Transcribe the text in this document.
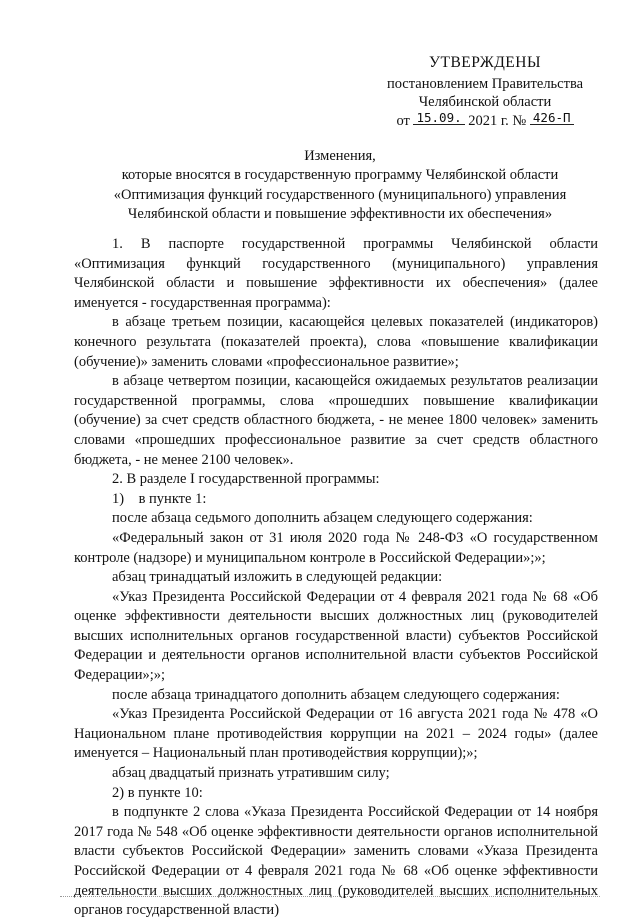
УТВЕРЖДЕНЫ
постановлением Правительства
Челябинской области
от 15.09. 2021 г. № 426-П
Изменения,
которые вносятся в государственную программу Челябинской области
«Оптимизация функций государственного (муниципального) управления
Челябинской области и повышение эффективности их обеспечения»

1. В паспорте государственной программы Челябинской области «Оптимизация функций государственного (муниципального) управления Челябинской области и повышение эффективности их обеспечения» (далее именуется - государственная программа):

в абзаце третьем позиции, касающейся целевых показателей (индикаторов) конечного результата (показателей проекта), слова «повышение квалификации (обучение)» заменить словами «профессиональное развитие»;

в абзаце четвертом позиции, касающейся ожидаемых результатов реализации государственной программы, слова «прошедших повышение квалификации (обучение) за счет средств областного бюджета, - не менее 1800 человек» заменить словами «прошедших профессиональное развитие за счет средств областного бюджета, - не менее 2100 человек».

2. В разделе I государственной программы:

1)    в пункте 1:

после абзаца седьмого дополнить абзацем следующего содержания:

«Федеральный закон от 31 июля 2020 года № 248-ФЗ «О государственном контроле (надзоре) и муниципальном контроле в Российской Федерации»;»;

абзац тринадцатый изложить в следующей редакции:

«Указ Президента Российской Федерации от 4 февраля 2021 года № 68 «Об оценке эффективности деятельности высших должностных лиц (руководителей высших исполнительных органов государственной власти) субъектов Российской Федерации и деятельности органов исполнительной власти субъектов Российской Федерации»;»;

после абзаца тринадцатого дополнить абзацем следующего содержания:

«Указ Президента Российской Федерации от 16 августа 2021 года № 478 «О Национальном плане противодействия коррупции на 2021 – 2024 годы» (далее именуется – Национальный план противодействия коррупции);»;

абзац двадцатый признать утратившим силу;

2) в пункте 10:

в подпункте 2 слова «Указа Президента Российской Федерации от 14 ноября 2017 года № 548 «Об оценке эффективности деятельности органов исполнительной власти субъектов Российской Федерации» заменить словами «Указа Президента Российской Федерации от 4 февраля 2021 года № 68 «Об оценке эффективности деятельности высших должностных лиц (руководителей высших исполнительных органов государственной власти)
